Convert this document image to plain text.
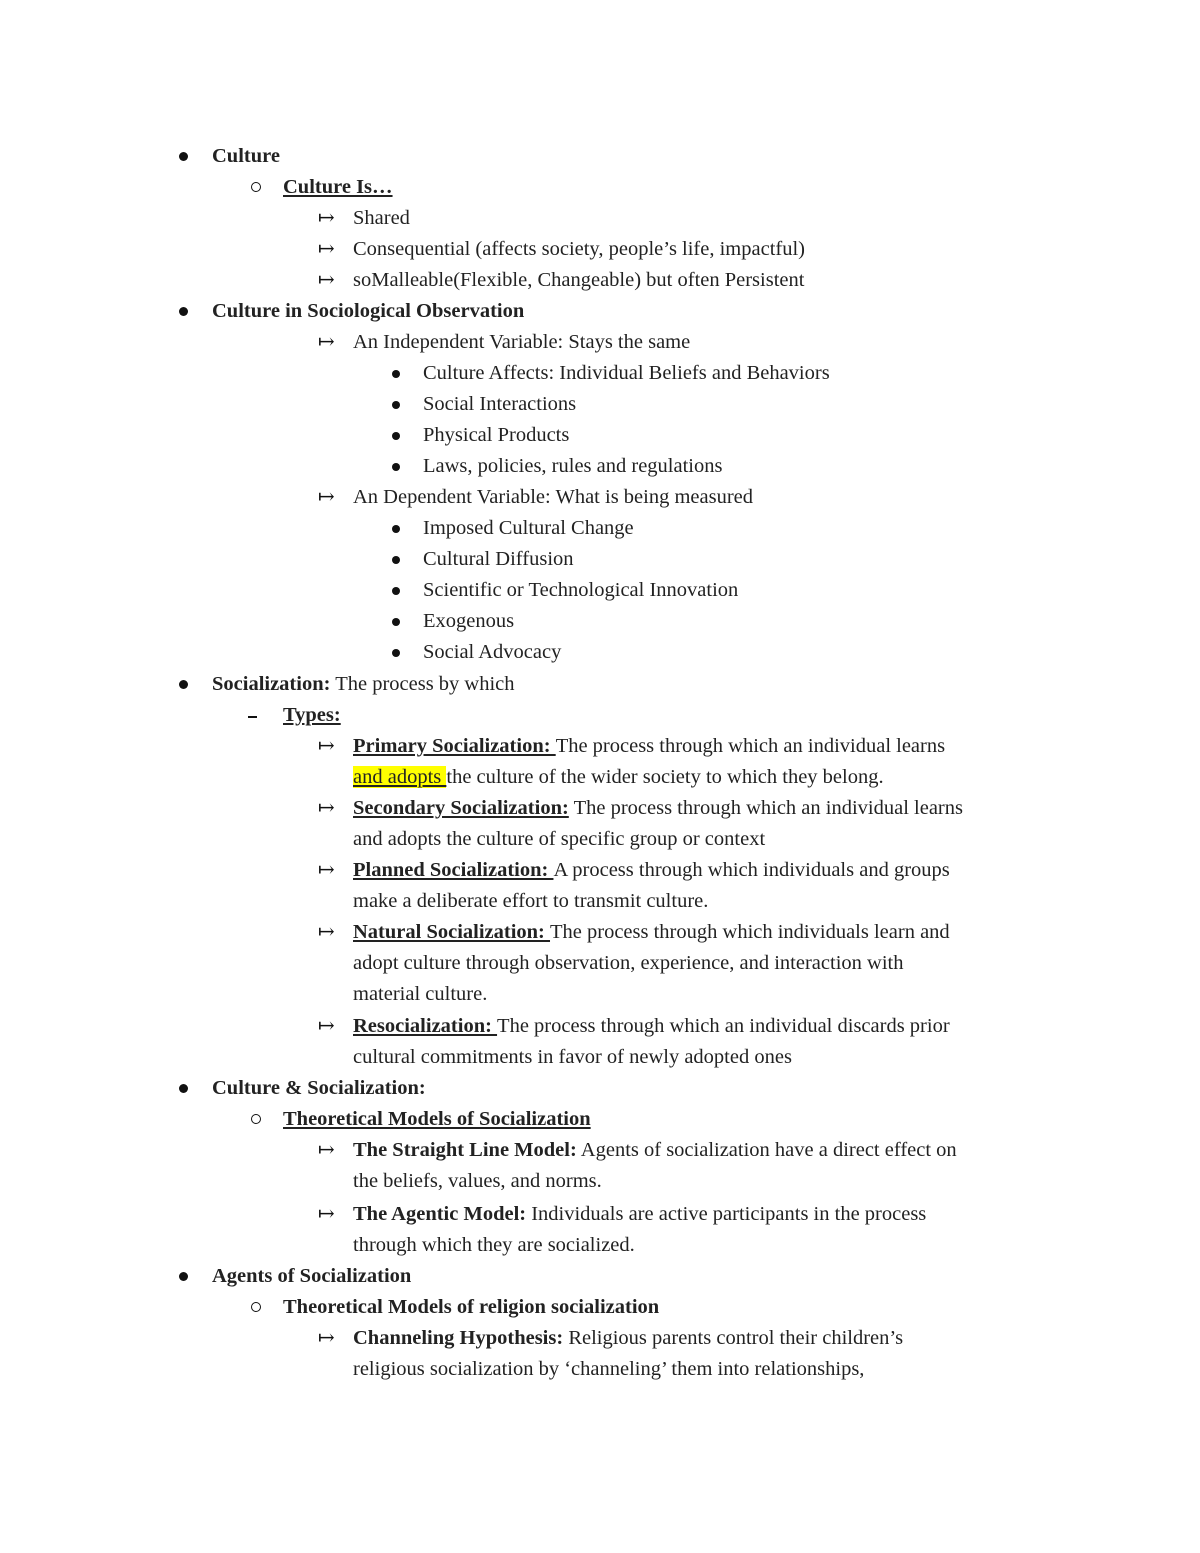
Culture
Culture Is…
↦ Shared
↦ Consequential (affects society, people’s life, impactful)
↦ soMalleable(Flexible, Changeable) but often Persistent
Culture in Sociological Observation
↦ An Independent Variable: Stays the same
Culture Affects: Individual Beliefs and Behaviors
Social Interactions
Physical Products
Laws, policies, rules and regulations
↦ An Dependent Variable: What is being measured
Imposed Cultural Change
Cultural Diffusion
Scientific or Technological Innovation
Exogenous
Social Advocacy
Socialization: The process by which
Types:
↦ Primary Socialization: The process through which an individual learns
and adopts the culture of the wider society to which they belong.
↦ Secondary Socialization: The process through which an individual learns
and adopts the culture of specific group or context
↦ Planned Socialization: A process through which individuals and groups
make a deliberate effort to transmit culture.
↦ Natural Socialization: The process through which individuals learn and
adopt culture through observation, experience, and interaction with
material culture.
↦ Resocialization: The process through which an individual discards prior
cultural commitments in favor of newly adopted ones
Culture & Socialization:
Theoretical Models of Socialization
↦ The Straight Line Model: Agents of socialization have a direct effect on
the beliefs, values, and norms.
↦ The Agentic Model: Individuals are active participants in the process
through which they are socialized.
Agents of Socialization
Theoretical Models of religion socialization
↦ Channeling Hypothesis: Religious parents control their children’s
religious socialization by ‘channeling’ them into relationships,
